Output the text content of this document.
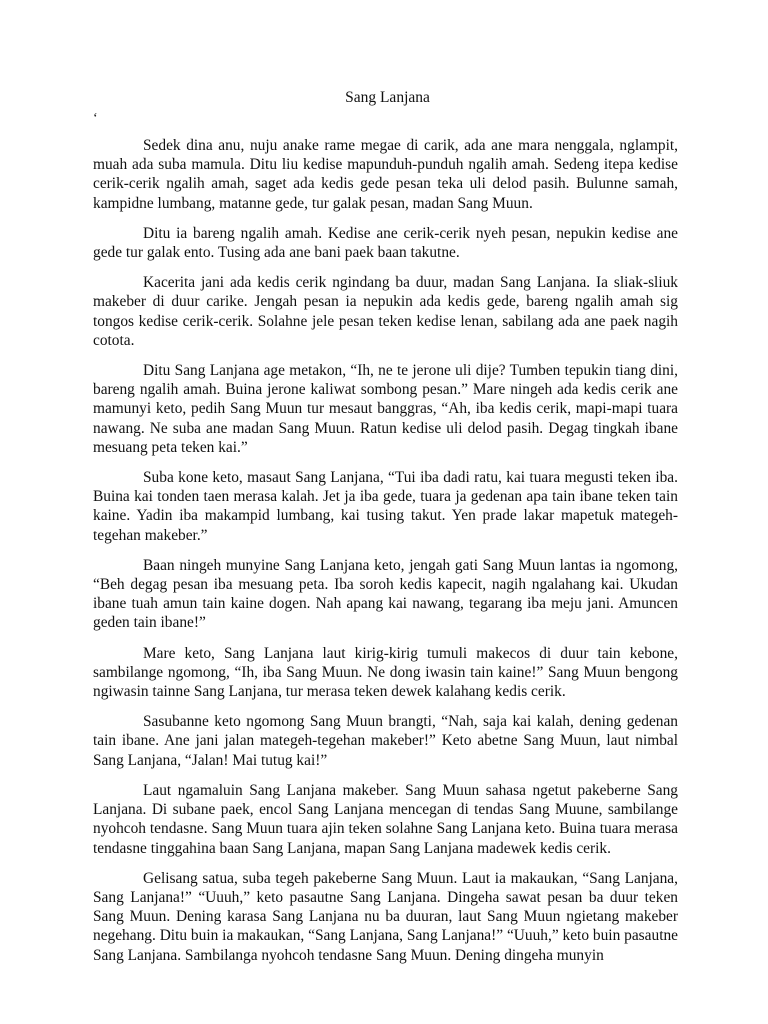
Sang Lanjana
‘

Sedek dina anu, nuju anake rame megae di carik, ada ane mara nenggala, nglampit, muah ada suba mamula. Ditu liu kedise mapunduh-punduh ngalih amah. Sedeng itepa kedise cerik-cerik ngalih amah, saget ada kedis gede pesan teka uli delod pasih. Bulunne samah, kampidne lumbang, matanne gede, tur galak pesan, madan Sang Muun.

Ditu ia bareng ngalih amah. Kedise ane cerik-cerik nyeh pesan, nepukin kedise ane gede tur galak ento. Tusing ada ane bani paek baan takutne.

Kacerita jani ada kedis cerik ngindang ba duur, madan Sang Lanjana. Ia sliak-sliuk makeber di duur carike. Jengah pesan ia nepukin ada kedis gede, bareng ngalih amah sig tongos kedise cerik-cerik. Solahne jele pesan teken kedise lenan, sabilang ada ane paek nagih cotota.

Ditu Sang Lanjana age metakon, “Ih, ne te jerone uli dije? Tumben tepukin tiang dini, bareng ngalih amah. Buina jerone kaliwat sombong pesan.” Mare ningeh ada kedis cerik ane mamunyi keto, pedih Sang Muun tur mesaut banggras, “Ah, iba kedis cerik, mapi-mapi tuara nawang. Ne suba ane madan Sang Muun. Ratun kedise uli delod pasih. Degag tingkah ibane mesuang peta teken kai.”

Suba kone keto, masaut Sang Lanjana, “Tui iba dadi ratu, kai tuara megusti teken iba. Buina kai tonden taen merasa kalah. Jet ja iba gede, tuara ja gedenan apa tain ibane teken tain kaine. Yadin iba makampid lumbang, kai tusing takut. Yen prade lakar mapetuk mategeh-tegehan makeber.”

Baan ningeh munyine Sang Lanjana keto, jengah gati Sang Muun lantas ia ngomong, “Beh degag pesan iba mesuang peta. Iba soroh kedis kapecit, nagih ngalahang kai. Ukudan ibane tuah amun tain kaine dogen. Nah apang kai nawang, tegarang iba meju jani. Amuncen geden tain ibane!”

Mare keto, Sang Lanjana laut kirig-kirig tumuli makecos di duur tain kebone, sambilange ngomong, “Ih, iba Sang Muun. Ne dong iwasin tain kaine!” Sang Muun bengong ngiwasin tainne Sang Lanjana, tur merasa teken dewek kalahang kedis cerik.

Sasubanne keto ngomong Sang Muun brangti, “Nah, saja kai kalah, dening gedenan tain ibane. Ane jani jalan mategeh-tegehan makeber!” Keto abetne Sang Muun, laut nimbal Sang Lanjana, “Jalan! Mai tutug kai!”

Laut ngamaluin Sang Lanjana makeber. Sang Muun sahasa ngetut pakeberne Sang Lanjana. Di subane paek, encol Sang Lanjana mencegan di tendas Sang Muune, sambilange nyohcoh tendasne. Sang Muun tuara ajin teken solahne Sang Lanjana keto. Buina tuara merasa tendasne tinggahina baan Sang Lanjana, mapan Sang Lanjana madewek kedis cerik.

Gelisang satua, suba tegeh pakeberne Sang Muun. Laut ia makaukan, “Sang Lanjana, Sang Lanjana!” “Uuuh,” keto pasautne Sang Lanjana. Dingeha sawat pesan ba duur teken Sang Muun. Dening karasa Sang Lanjana nu ba duuran, laut Sang Muun ngietang makeber negehang. Ditu buin ia makaukan, “Sang Lanjana, Sang Lanjana!” “Uuuh,” keto buin pasautne Sang Lanjana. Sambilanga nyohcoh tendasne Sang Muun. Dening dingeha munyin
